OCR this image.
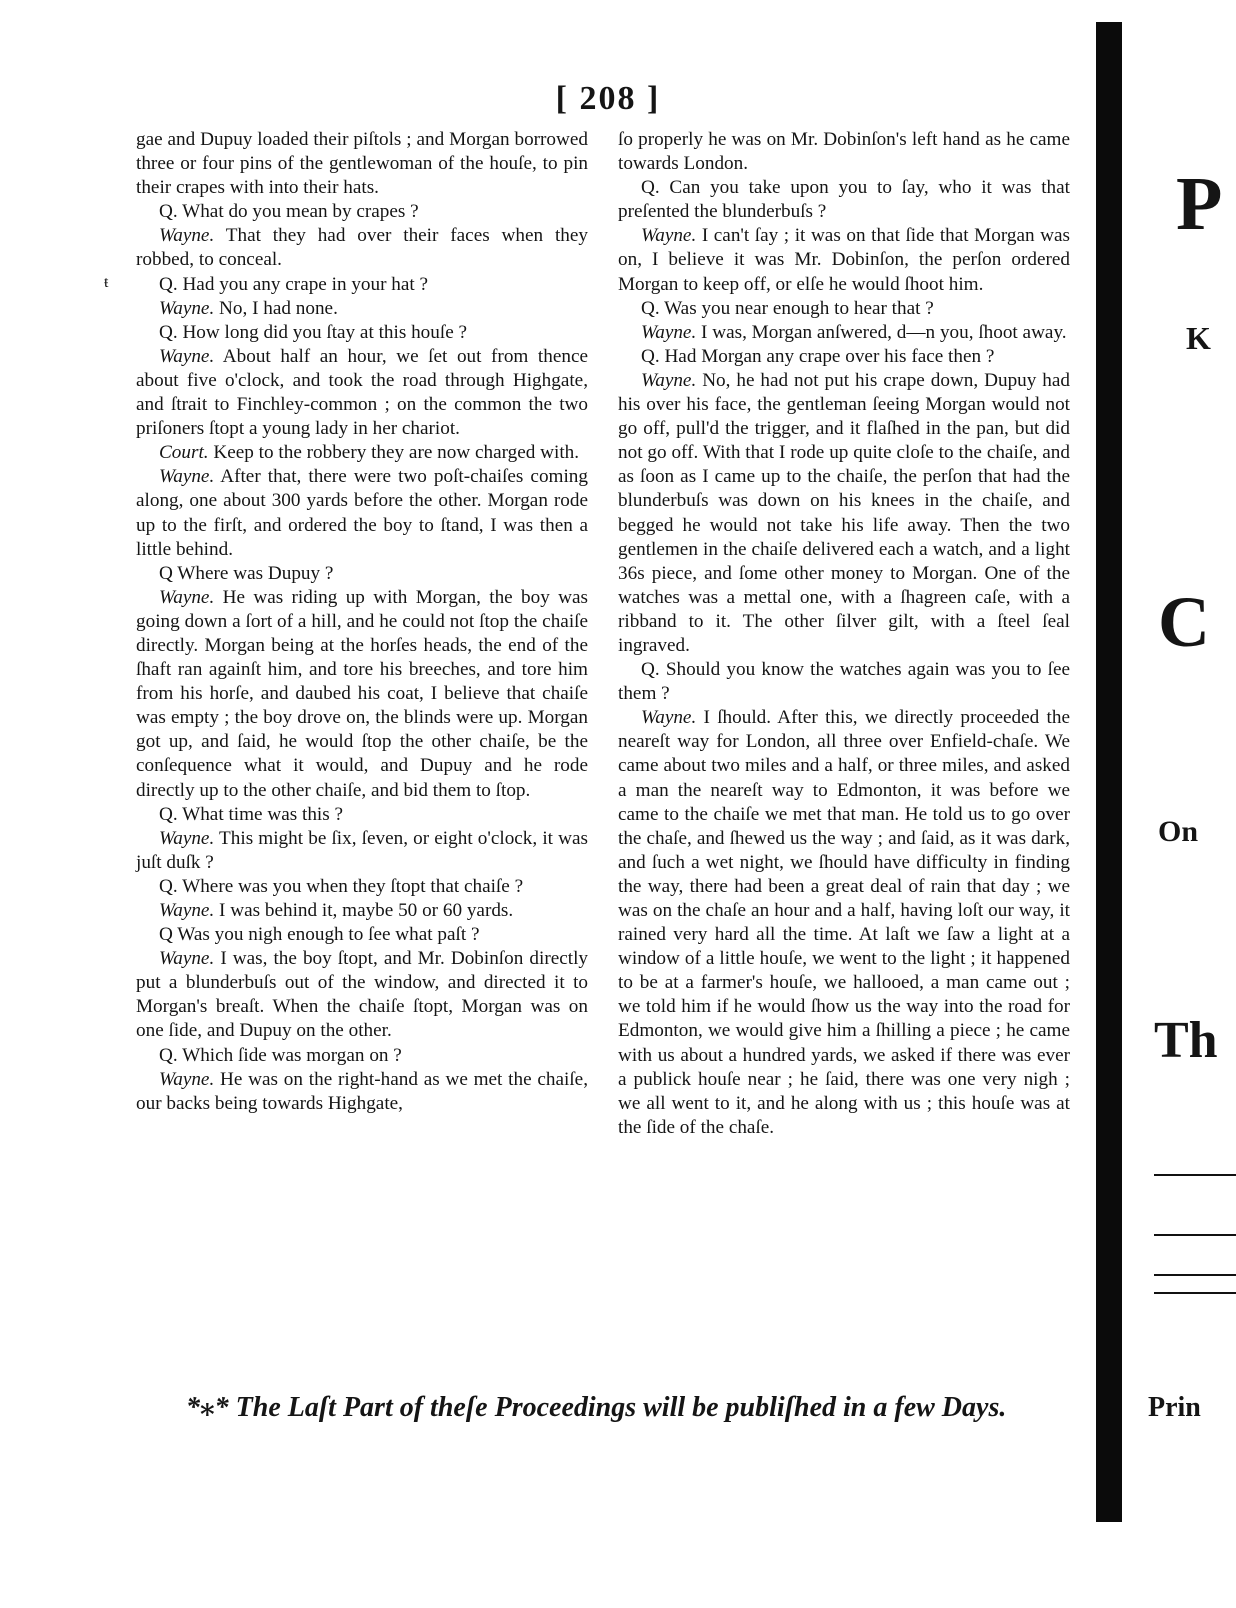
[ 208 ]
ŧ

gae and Dupuy loaded their piſtols ; and Morgan borrowed three or four pins of the gentlewoman of the houſe, to pin their crapes with into their hats.

Q. What do you mean by crapes ?

Wayne. That they had over their faces when they robbed, to conceal.

Q. Had you any crape in your hat ?

Wayne. No, I had none.

Q. How long did you ſtay at this houſe ?

Wayne. About half an hour, we ſet out from thence about five o'clock, and took the road through Highgate, and ſtrait to Finchley-common ; on the common the two priſoners ſtopt a young lady in her chariot.

Court. Keep to the robbery they are now charged with.

Wayne. After that, there were two poſt-chaiſes coming along, one about 300 yards before the other. Morgan rode up to the firſt, and ordered the boy to ſtand, I was then a little behind.

Q Where was Dupuy ?

Wayne. He was riding up with Morgan, the boy was going down a ſort of a hill, and he could not ſtop the chaiſe directly. Morgan being at the horſes heads, the end of the ſhaft ran againſt him, and tore his breeches, and tore him from his horſe, and daubed his coat, I believe that chaiſe was empty ; the boy drove on, the blinds were up. Morgan got up, and ſaid, he would ſtop the other chaiſe, be the conſequence what it would, and Dupuy and he rode directly up to the other chaiſe, and bid them to ſtop.

Q. What time was this ?

Wayne. This might be ſix, ſeven, or eight o'clock, it was juſt duſk ?

Q. Where was you when they ſtopt that chaiſe ?

Wayne. I was behind it, maybe 50 or 60 yards.

Q Was you nigh enough to ſee what paſt ?

Wayne. I was, the boy ſtopt, and Mr. Dobinſon directly put a blunderbuſs out of the window, and directed it to Morgan's breaſt. When the chaiſe ſtopt, Morgan was on one ſide, and Dupuy on the other.

Q. Which ſide was morgan on ?

Wayne. He was on the right-hand as we met the chaiſe, our backs being towards Highgate,

ſo properly he was on Mr. Dobinſon's left hand as he came towards London.

Q. Can you take upon you to ſay, who it was that preſented the blunderbuſs ?

Wayne. I can't ſay ; it was on that ſide that Morgan was on, I believe it was Mr. Dobinſon, the perſon ordered Morgan to keep off, or elſe he would ſhoot him.

Q. Was you near enough to hear that ?

Wayne. I was, Morgan anſwered, d—n you, ſhoot away.

Q. Had Morgan any crape over his face then ?

Wayne. No, he had not put his crape down, Dupuy had his over his face, the gentleman ſeeing Morgan would not go off, pull'd the trigger, and it flaſhed in the pan, but did not go off. With that I rode up quite cloſe to the chaiſe, and as ſoon as I came up to the chaiſe, the perſon that had the blunderbuſs was down on his knees in the chaiſe, and begged he would not take his life away. Then the two gentlemen in the chaiſe delivered each a watch, and a light 36s piece, and ſome other money to Morgan. One of the watches was a mettal one, with a ſhagreen caſe, with a ribband to it. The other ſilver gilt, with a ſteel ſeal ingraved.

Q. Should you know the watches again was you to ſee them ?

Wayne. I ſhould. After this, we directly proceeded the neareſt way for London, all three over Enfield-chaſe. We came about two miles and a half, or three miles, and asked a man the neareſt way to Edmonton, it was before we came to the chaiſe we met that man. He told us to go over the chaſe, and ſhewed us the way ; and ſaid, as it was dark, and ſuch a wet night, we ſhould have difficulty in finding the way, there had been a great deal of rain that day ; we was on the chaſe an hour and a half, having loſt our way, it rained very hard all the time. At laſt we ſaw a light at a window of a little houſe, we went to the light ; it happened to be at a farmer's houſe, we hallooed, a man came out ; we told him if he would ſhow us the way into the road for Edmonton, we would give him a ſhilling a piece ; he came with us about a hundred yards, we asked if there was ever a publick houſe near ; he ſaid, there was one very nigh ; we all went to it, and he along with us ; this houſe was at the ſide of the chaſe.

*⁎* The Laſt Part of theſe Proceedings will be publiſhed in a few Days.
P
K
C
On
Th
Prin
